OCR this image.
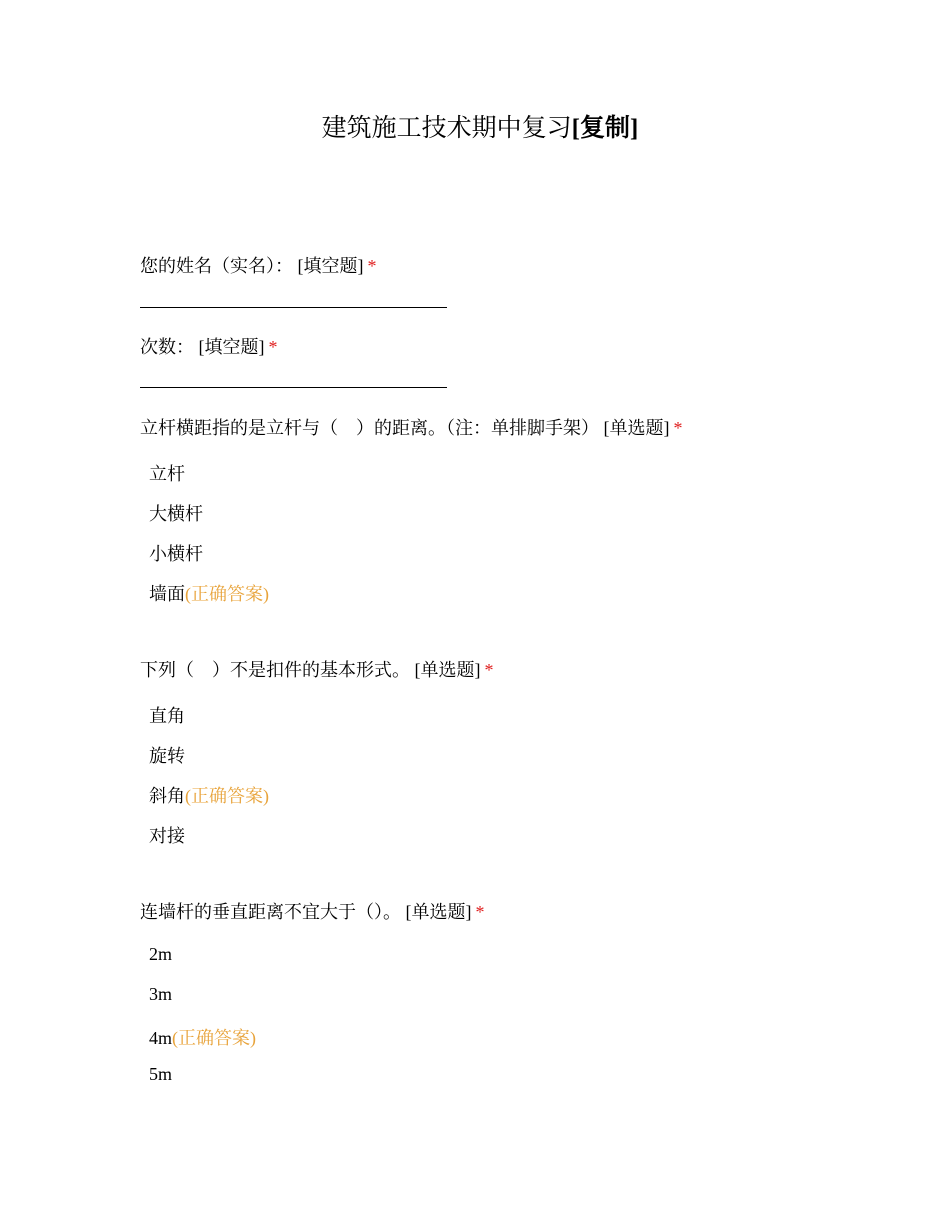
建筑施工技术期中复习[复制]
您的姓名（实名）： [填空题] *
次数： [填空题] *
立杆横距指的是立杆与（　）的距离。（注：单排脚手架） [单选题] *
立杆
大横杆
小横杆
墙面(正确答案)
下列（　）不是扣件的基本形式。 [单选题] *
直角
旋转
斜角(正确答案)
对接
连墙杆的垂直距离不宜大于（）。 [单选题] *
2m
3m
4m(正确答案)
5m
